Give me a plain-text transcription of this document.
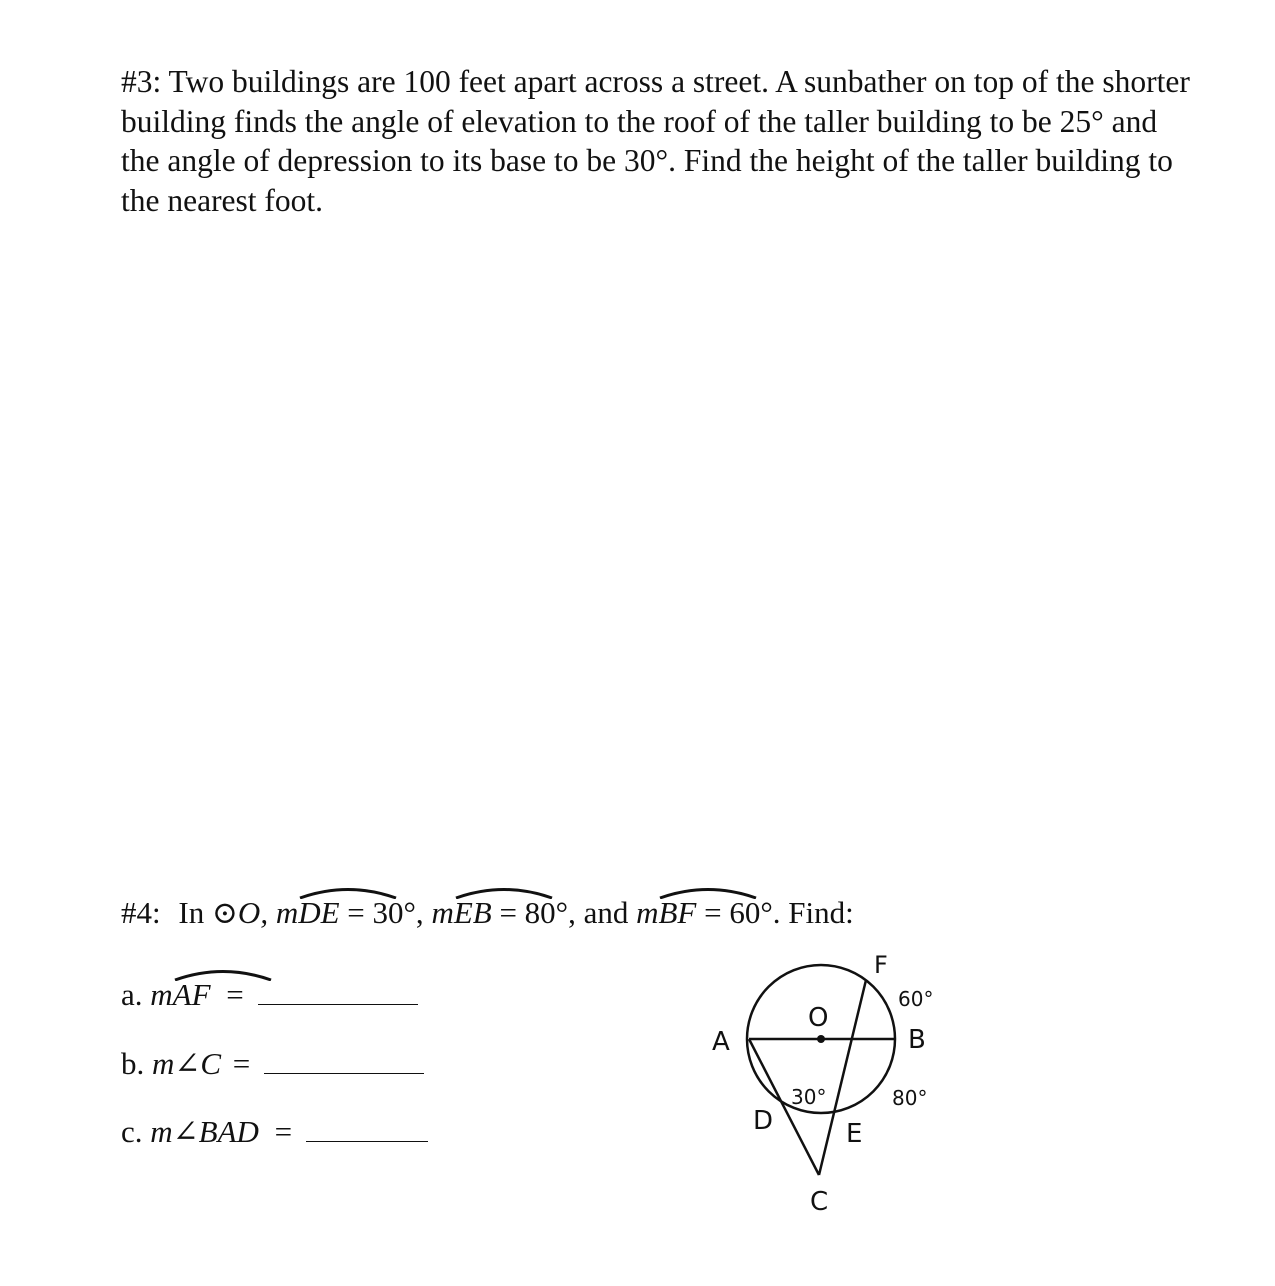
#3: Two buildings are 100 feet apart across a street. A sunbather on top of the shorter building finds the angle of elevation to the roof of the taller building to be 25° and the angle of depression to its base to be 30°. Find the height of the taller building to the nearest foot.
#4: In ⊙O, m
DE = 30°, m
EB = 80°, and m
BF = 60°. Find:
a. m
AF =
b. m∠C =
c. m∠BAD =
F
A	B
O
D	E
C
60°
80°
30°
